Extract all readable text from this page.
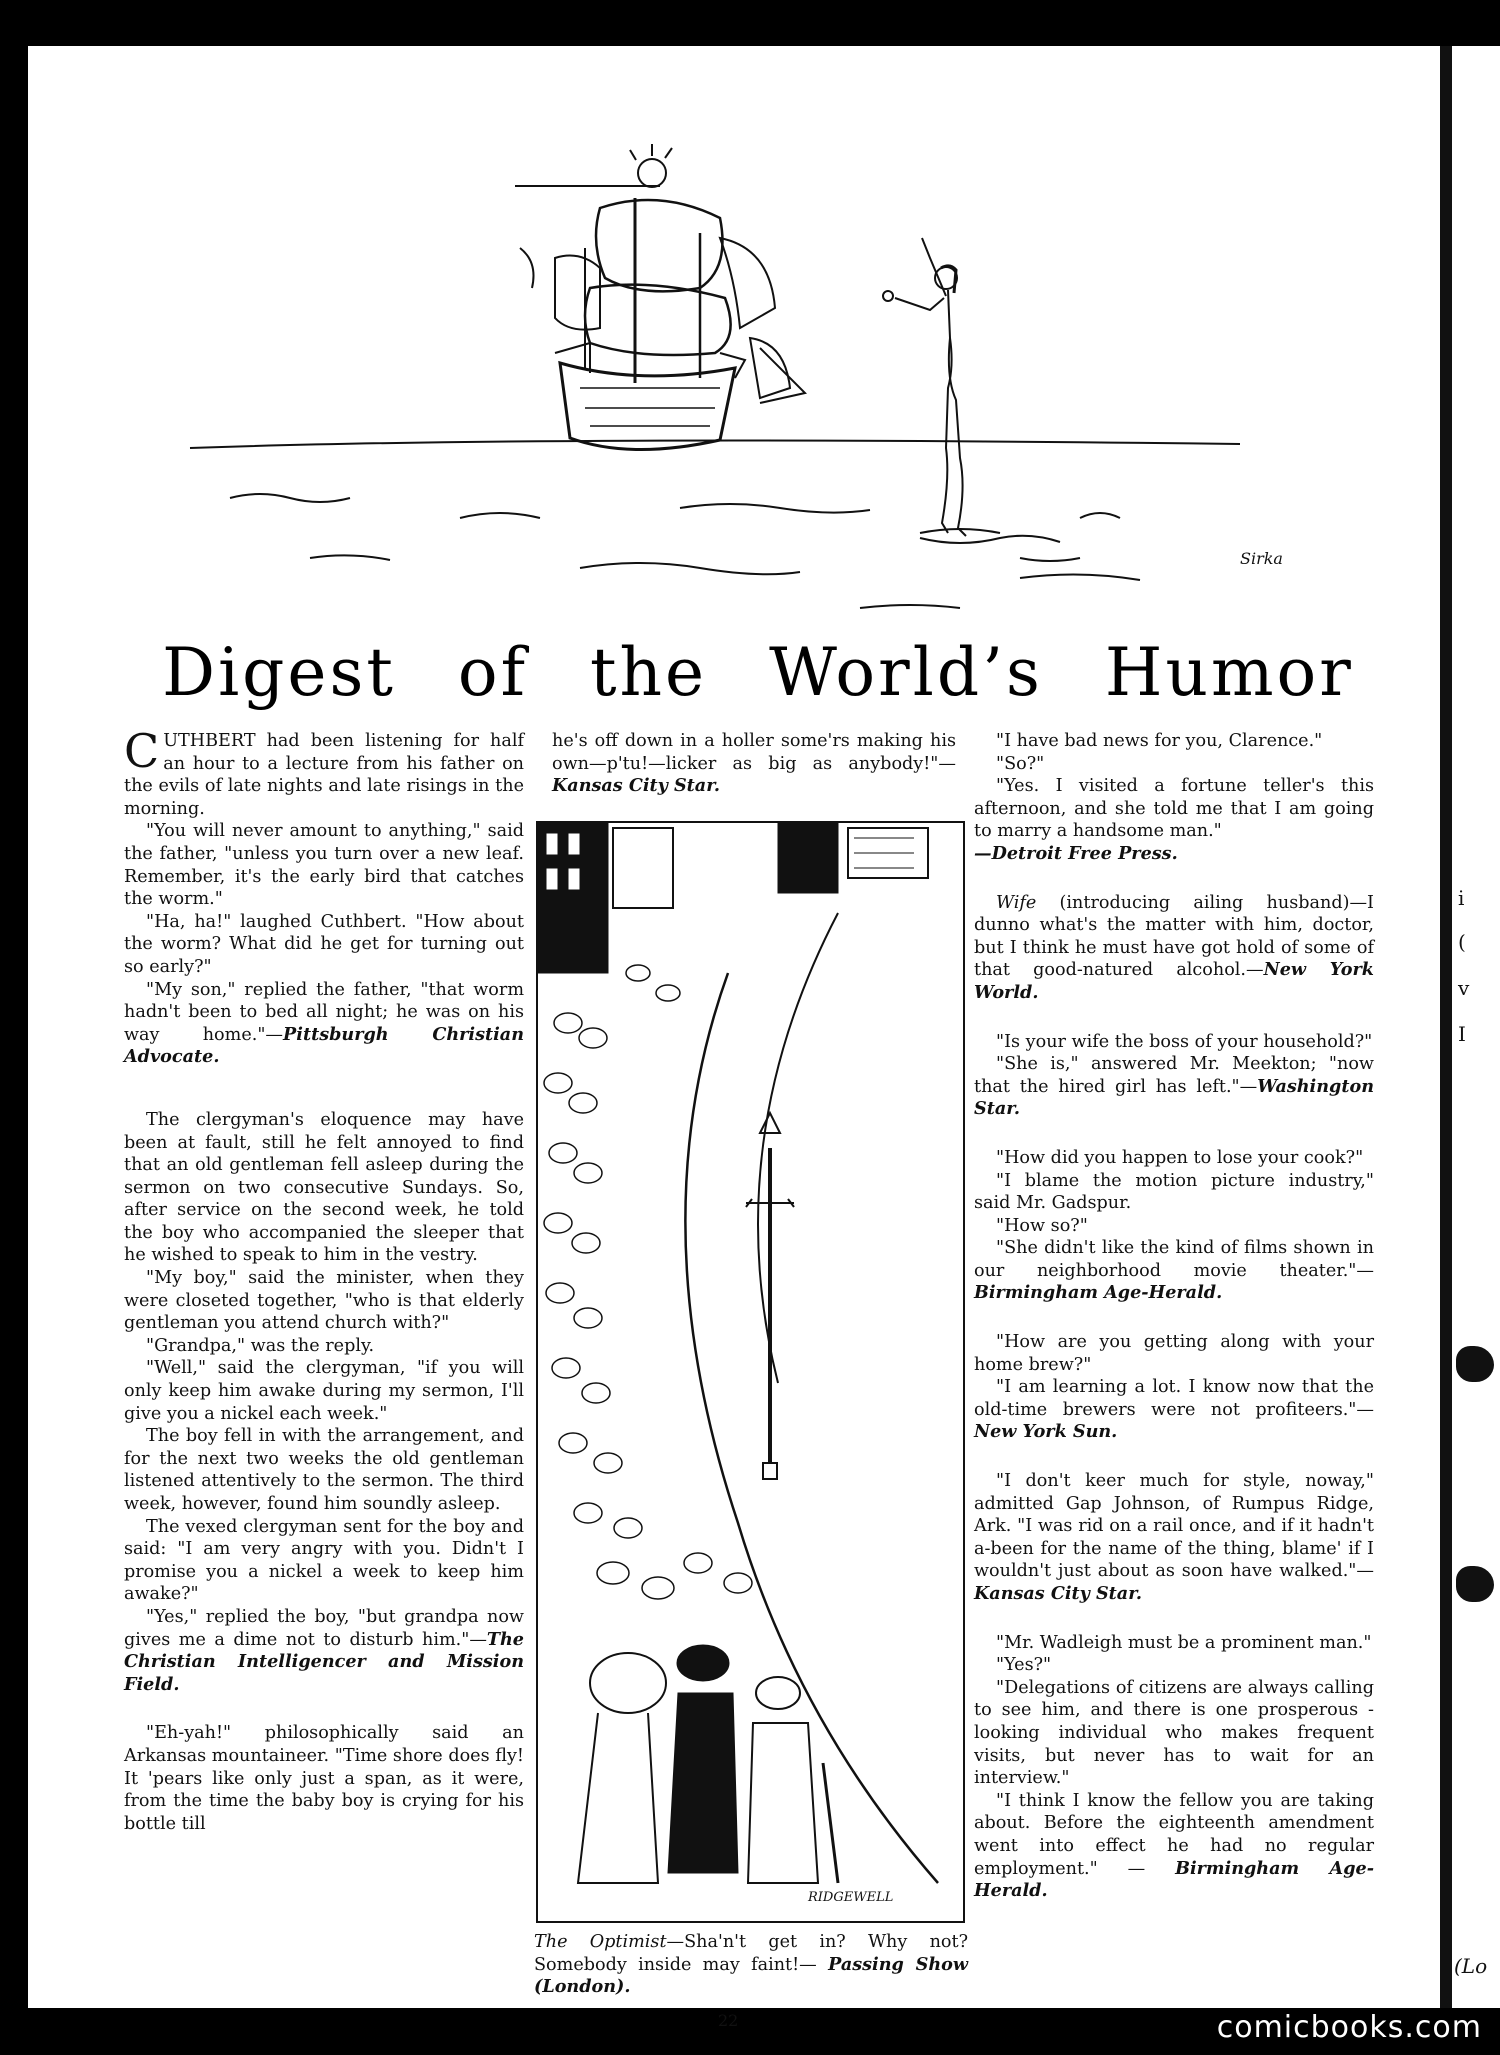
Sirka
Digest of the World’s Humor

CUTHBERT had been listening for half an hour to a lecture from his father on the evils of late nights and late risings in the morning.

"You will never amount to anything," said the father, "unless you turn over a new leaf. Remember, it's the early bird that catches the worm."

"Ha, ha!" laughed Cuthbert. "How about the worm? What did he get for turning out so early?"

"My son," replied the father, "that worm hadn't been to bed all night; he was on his way home."—Pittsburgh Christian Advocate.

The clergyman's eloquence may have been at fault, still he felt annoyed to find that an old gentleman fell asleep during the sermon on two consecutive Sundays. So, after service on the second week, he told the boy who accompanied the sleeper that he wished to speak to him in the vestry.

"My boy," said the minister, when they were closeted together, "who is that elderly gentleman you attend church with?"

"Grandpa," was the reply.

"Well," said the clergyman, "if you will only keep him awake during my sermon, I'll give you a nickel each week."

The boy fell in with the arrangement, and for the next two weeks the old gentleman listened attentively to the sermon. The third week, however, found him soundly asleep.

The vexed clergyman sent for the boy and said: "I am very angry with you. Didn't I promise you a nickel a week to keep him awake?"

"Yes," replied the boy, "but grandpa now gives me a dime not to disturb him."—The Christian Intelligencer and Mission Field.

"Eh-yah!" philosophically said an Arkansas mountaineer. "Time shore does fly! It 'pears like only just a span, as it were, from the time the baby boy is crying for his bottle till

he's off down in a holler some'rs making his own—p'tu!—licker as big as anybody!"—Kansas City Star.

RIDGEWELL
The Optimist—Sha'n't get in? Why not? Somebody inside may faint!— Passing Show (London).

"I have bad news for you, Clarence."

"So?"

"Yes. I visited a fortune teller's this afternoon, and she told me that I am going to marry a handsome man."

—Detroit Free Press.

Wife (introducing ailing husband)—I dunno what's the matter with him, doctor, but I think he must have got hold of some of that good-natured alcohol.—New York World.

"Is your wife the boss of your household?"

"She is," answered Mr. Meekton; "now that the hired girl has left."—Washington Star.

"How did you happen to lose your cook?"

"I blame the motion picture industry," said Mr. Gadspur.

"How so?"

"She didn't like the kind of films shown in our neighborhood movie theater."—Birmingham Age-Herald.

"How are you getting along with your home brew?"

"I am learning a lot. I know now that the old-time brewers were not profiteers."—New York Sun.

"I don't keer much for style, noway," admitted Gap Johnson, of Rumpus Ridge, Ark. "I was rid on a rail once, and if it hadn't a-been for the name of the thing, blame' if I wouldn't just about as soon have walked."—Kansas City Star.

"Mr. Wadleigh must be a prominent man."

"Yes?"

"Delegations of citizens are always calling to see him, and there is one prosperous - looking individual who makes frequent visits, but never has to wait for an interview."

"I think I know the fellow you are taking about. Before the eighteenth amendment went into effect he had no regular employment." — Birmingham Age-Herald.

22
i
(
v
I
(Lo
comicbooks.com
